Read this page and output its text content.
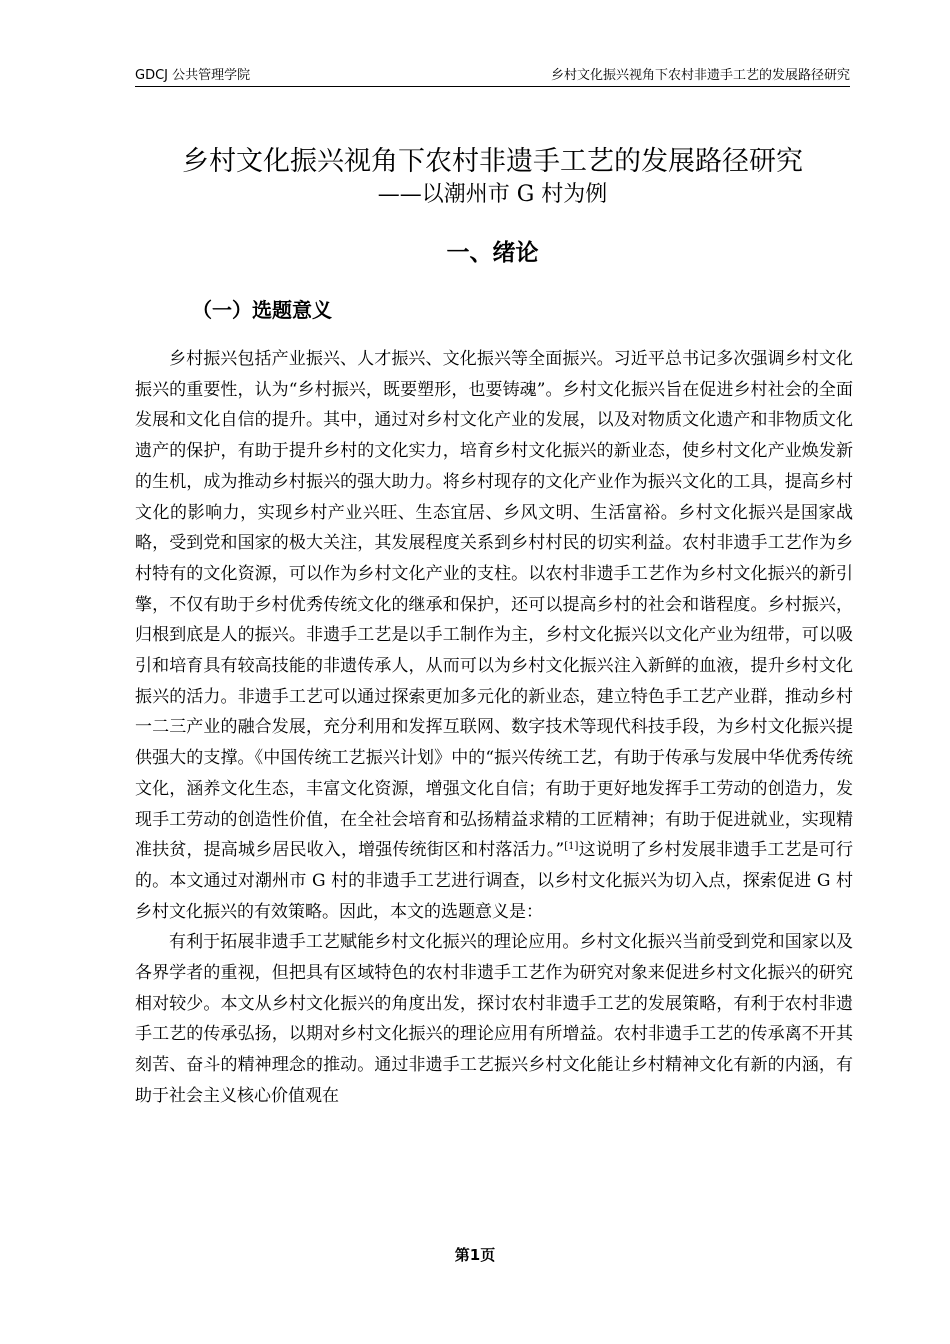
GDCJ 公共管理学院	乡村文化振兴视角下农村非遗手工艺的发展路径研究
乡村文化振兴视角下农村非遗手工艺的发展路径研究
——以潮州市 G 村为例
一、绪论
（一）选题意义

乡村振兴包括产业振兴、人才振兴、文化振兴等全面振兴。习近平总书记多次强调乡村文化振兴的重要性，认为“乡村振兴，既要塑形，也要铸魂”。乡村文化振兴旨在促进乡村社会的全面发展和文化自信的提升。其中，通过对乡村文化产业的发展，以及对物质文化遗产和非物质文化遗产的保护，有助于提升乡村的文化实力，培育乡村文化振兴的新业态，使乡村文化产业焕发新的生机，成为推动乡村振兴的强大助力。将乡村现存的文化产业作为振兴文化的工具，提高乡村文化的影响力，实现乡村产业兴旺、生态宜居、乡风文明、生活富裕。乡村文化振兴是国家战略，受到党和国家的极大关注，其发展程度关系到乡村村民的切实利益。农村非遗手工艺作为乡村特有的文化资源，可以作为乡村文化产业的支柱。以农村非遗手工艺作为乡村文化振兴的新引擎，不仅有助于乡村优秀传统文化的继承和保护，还可以提高乡村的社会和谐程度。乡村振兴，归根到底是人的振兴。非遗手工艺是以手工制作为主，乡村文化振兴以文化产业为纽带，可以吸引和培育具有较高技能的非遗传承人，从而可以为乡村文化振兴注入新鲜的血液，提升乡村文化振兴的活力。非遗手工艺可以通过探索更加多元化的新业态，建立特色手工艺产业群，推动乡村一二三产业的融合发展，充分利用和发挥互联网、数字技术等现代科技手段，为乡村文化振兴提供强大的支撑。《中国传统工艺振兴计划》中的“振兴传统工艺，有助于传承与发展中华优秀传统文化，涵养文化生态，丰富文化资源，增强文化自信；有助于更好地发挥手工劳动的创造力，发现手工劳动的创造性价值，在全社会培育和弘扬精益求精的工匠精神；有助于促进就业，实现精准扶贫，提高城乡居民收入，增强传统街区和村落活力。”[1]这说明了乡村发展非遗手工艺是可行的。本文通过对潮州市 G 村的非遗手工艺进行调查，以乡村文化振兴为切入点，探索促进 G 村乡村文化振兴的有效策略。因此，本文的选题意义是：

有利于拓展非遗手工艺赋能乡村文化振兴的理论应用。乡村文化振兴当前受到党和国家以及各界学者的重视，但把具有区域特色的农村非遗手工艺作为研究对象来促进乡村文化振兴的研究相对较少。本文从乡村文化振兴的角度出发，探讨农村非遗手工艺的发展策略，有利于农村非遗手工艺的传承弘扬，以期对乡村文化振兴的理论应用有所增益。农村非遗手工艺的传承离不开其刻苦、奋斗的精神理念的推动。通过非遗手工艺振兴乡村文化能让乡村精神文化有新的内涵，有助于社会主义核心价值观在

第1页
